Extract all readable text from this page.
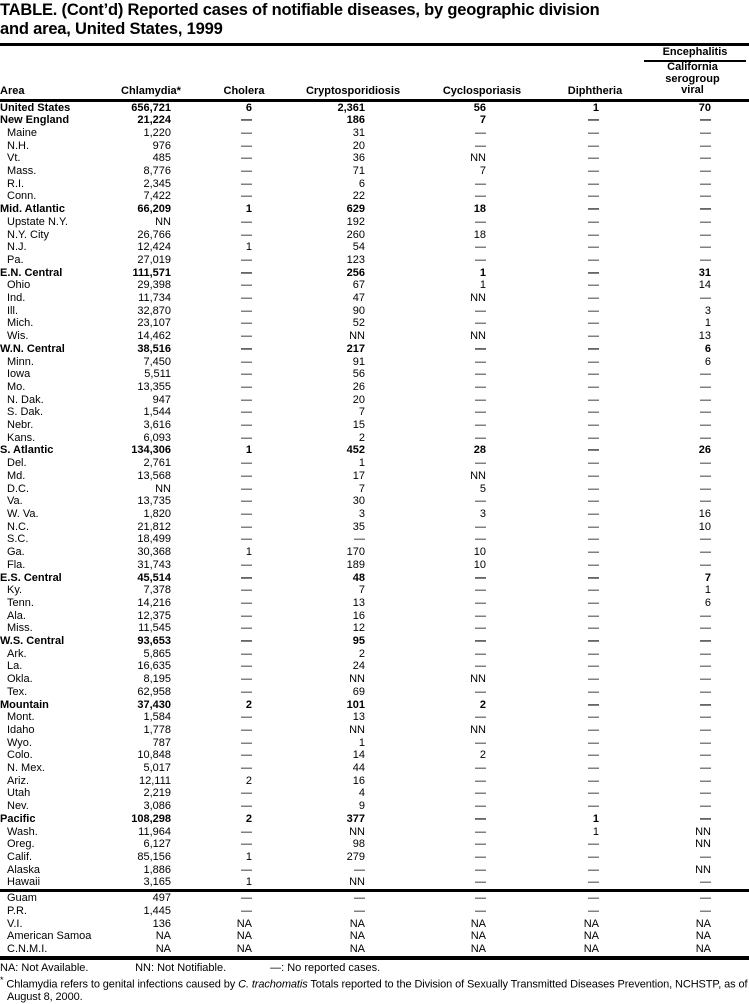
TABLE. (Cont’d) Reported cases of notifiable diseases, by geographic division
and area, United States, 1999

						Encephalitis

Area	Chlamydia*	Cholera	Cryptosporidiosis	Cyclosporiasis	Diphtheria	California
serogroup
viral

United States	656,721	6	2,361	56	1	70
New England	21,224	—	186	7	—	—
Maine	1,220	—	31	—	—	—
N.H.	976	—	20	—	—	—
Vt.	485	—	36	NN	—	—
Mass.	8,776	—	71	7	—	—
R.I.	2,345	—	6	—	—	—
Conn.	7,422	—	22	—	—	—
Mid. Atlantic	66,209	1	629	18	—	—
Upstate N.Y.	NN	—	192	—	—	—
N.Y. City	26,766	—	260	18	—	—
N.J.	12,424	1	54	—	—	—
Pa.	27,019	—	123	—	—	—
E.N. Central	111,571	—	256	1	—	31
Ohio	29,398	—	67	1	—	14
Ind.	11,734	—	47	NN	—	—
Ill.	32,870	—	90	—	—	3
Mich.	23,107	—	52	—	—	1
Wis.	14,462	—	NN	NN	—	13
W.N. Central	38,516	—	217	—	—	6
Minn.	7,450	—	91	—	—	6
Iowa	5,511	—	56	—	—	—
Mo.	13,355	—	26	—	—	—
N. Dak.	947	—	20	—	—	—
S. Dak.	1,544	—	7	—	—	—
Nebr.	3,616	—	15	—	—	—
Kans.	6,093	—	2	—	—	—
S. Atlantic	134,306	1	452	28	—	26
Del.	2,761	—	1	—	—	—
Md.	13,568	—	17	NN	—	—
D.C.	NN	—	7	5	—	—
Va.	13,735	—	30	—	—	—
W. Va.	1,820	—	3	3	—	16
N.C.	21,812	—	35	—	—	10
S.C.	18,499	—	—	—	—	—
Ga.	30,368	1	170	10	—	—
Fla.	31,743	—	189	10	—	—
E.S. Central	45,514	—	48	—	—	7
Ky.	7,378	—	7	—	—	1
Tenn.	14,216	—	13	—	—	6
Ala.	12,375	—	16	—	—	—
Miss.	11,545	—	12	—	—	—
W.S. Central	93,653	—	95	—	—	—
Ark.	5,865	—	2	—	—	—
La.	16,635	—	24	—	—	—
Okla.	8,195	—	NN	NN	—	—
Tex.	62,958	—	69	—	—	—
Mountain	37,430	2	101	2	—	—
Mont.	1,584	—	13	—	—	—
Idaho	1,778	—	NN	NN	—	—
Wyo.	787	—	1	—	—	—
Colo.	10,848	—	14	2	—	—
N. Mex.	5,017	—	44	—	—	—
Ariz.	12,111	2	16	—	—	—
Utah	2,219	—	4	—	—	—
Nev.	3,086	—	9	—	—	—
Pacific	108,298	2	377	—	1	—
Wash.	11,964	—	NN	—	1	NN
Oreg.	6,127	—	98	—	—	NN
Calif.	85,156	1	279	—	—	—
Alaska	1,886	—	—	—	—	NN
Hawaii	3,165	1	NN	—	—	—
Guam	497	—	—	—	—	—
P.R.	1,445	—	—	—	—	—
V.I.	136	NA	NA	NA	NA	NA
American Samoa	NA	NA	NA	NA	NA	NA
C.N.M.I.	NA	NA	NA	NA	NA	NA
NA: Not Available.	NN: Not Notifiable.	—: No reported cases.
* Chlamydia refers to genital infections caused by C. trachomatis Totals reported to the Division of Sexually Transmitted Diseases Prevention, NCHSTP, as of August 8, 2000.
